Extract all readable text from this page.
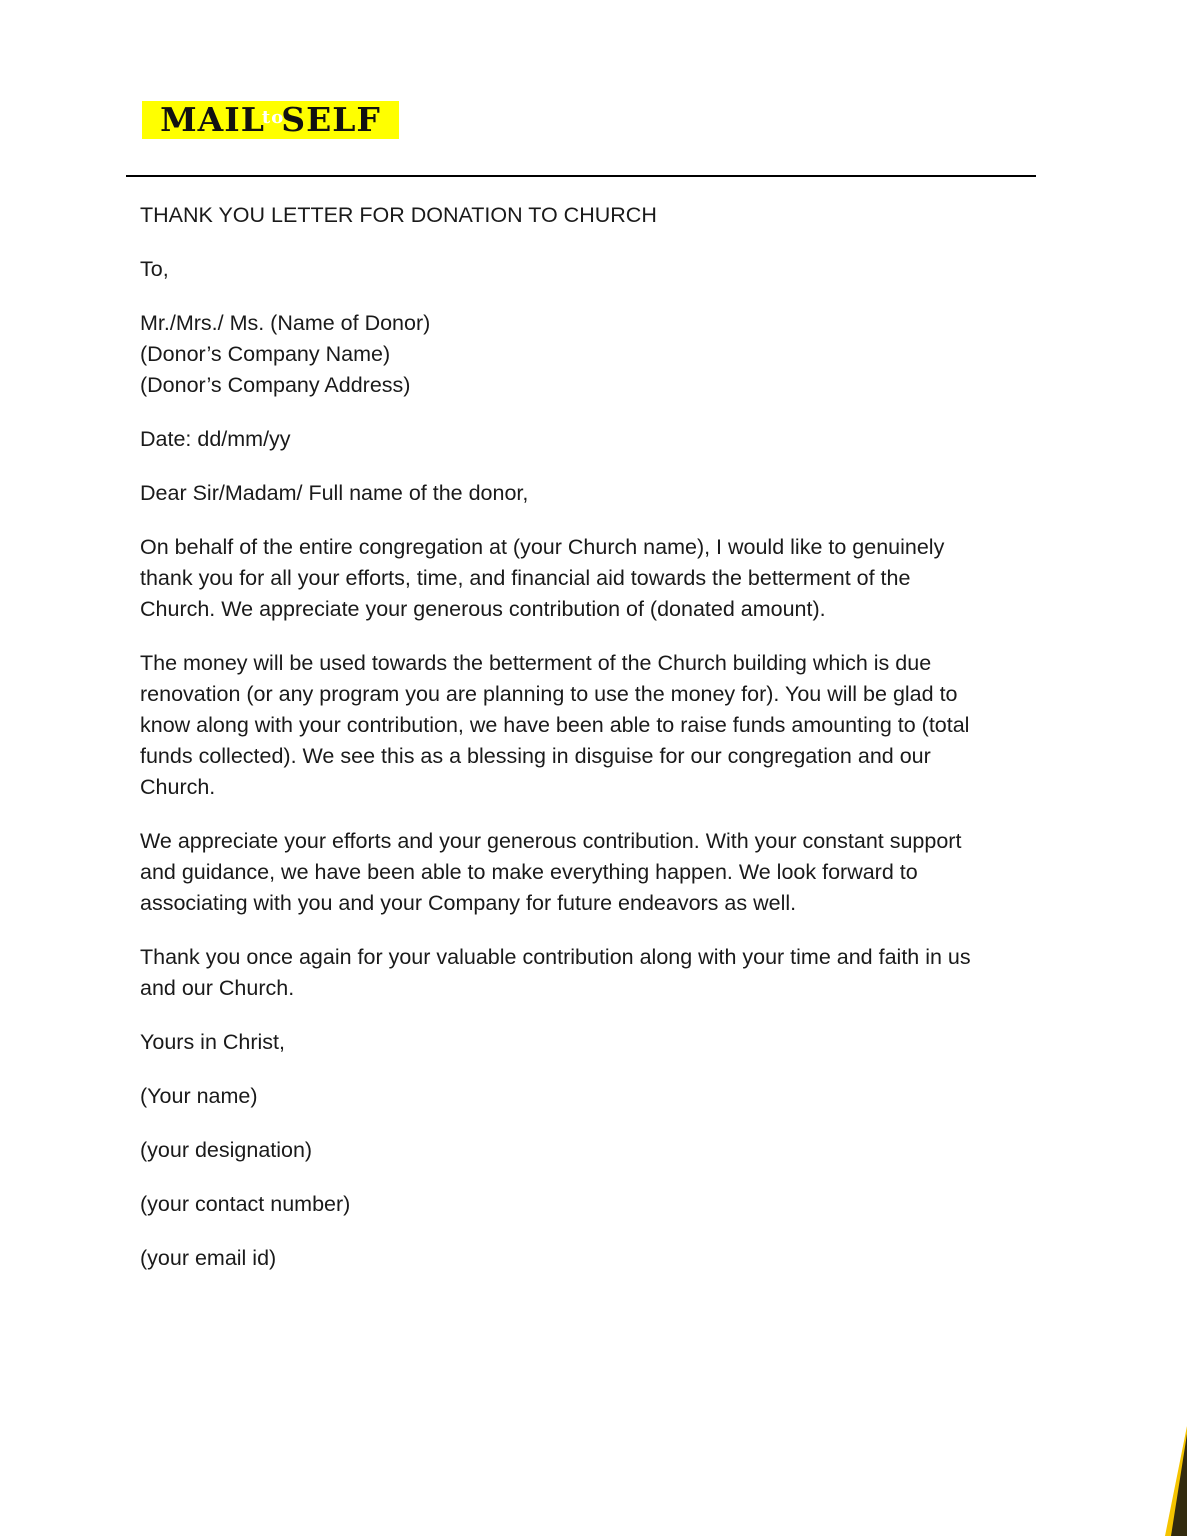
MAIL
to
SELF

THANK YOU LETTER FOR DONATION TO CHURCH

To,

Mr./Mrs./ Ms. (Name of Donor)
(Donor’s Company Name)
(Donor’s Company Address)

Date: dd/mm/yy

Dear Sir/Madam/ Full name of the donor,

On behalf of the entire congregation at (your Church name), I would like to genuinely
thank you for all your efforts, time, and financial aid towards the betterment of the
Church. We appreciate your generous contribution of (donated amount).

The money will be used towards the betterment of the Church building which is due
renovation (or any program you are planning to use the money for). You will be glad to
know along with your contribution, we have been able to raise funds amounting to (total
funds collected). We see this as a blessing in disguise for our congregation and our
Church.

We appreciate your efforts and your generous contribution. With your constant support
and guidance, we have been able to make everything happen. We look forward to
associating with you and your Company for future endeavors as well.

Thank you once again for your valuable contribution along with your time and faith in us
and our Church.

Yours in Christ,

(Your name)

(your designation)

(your contact number)

(your email id)
